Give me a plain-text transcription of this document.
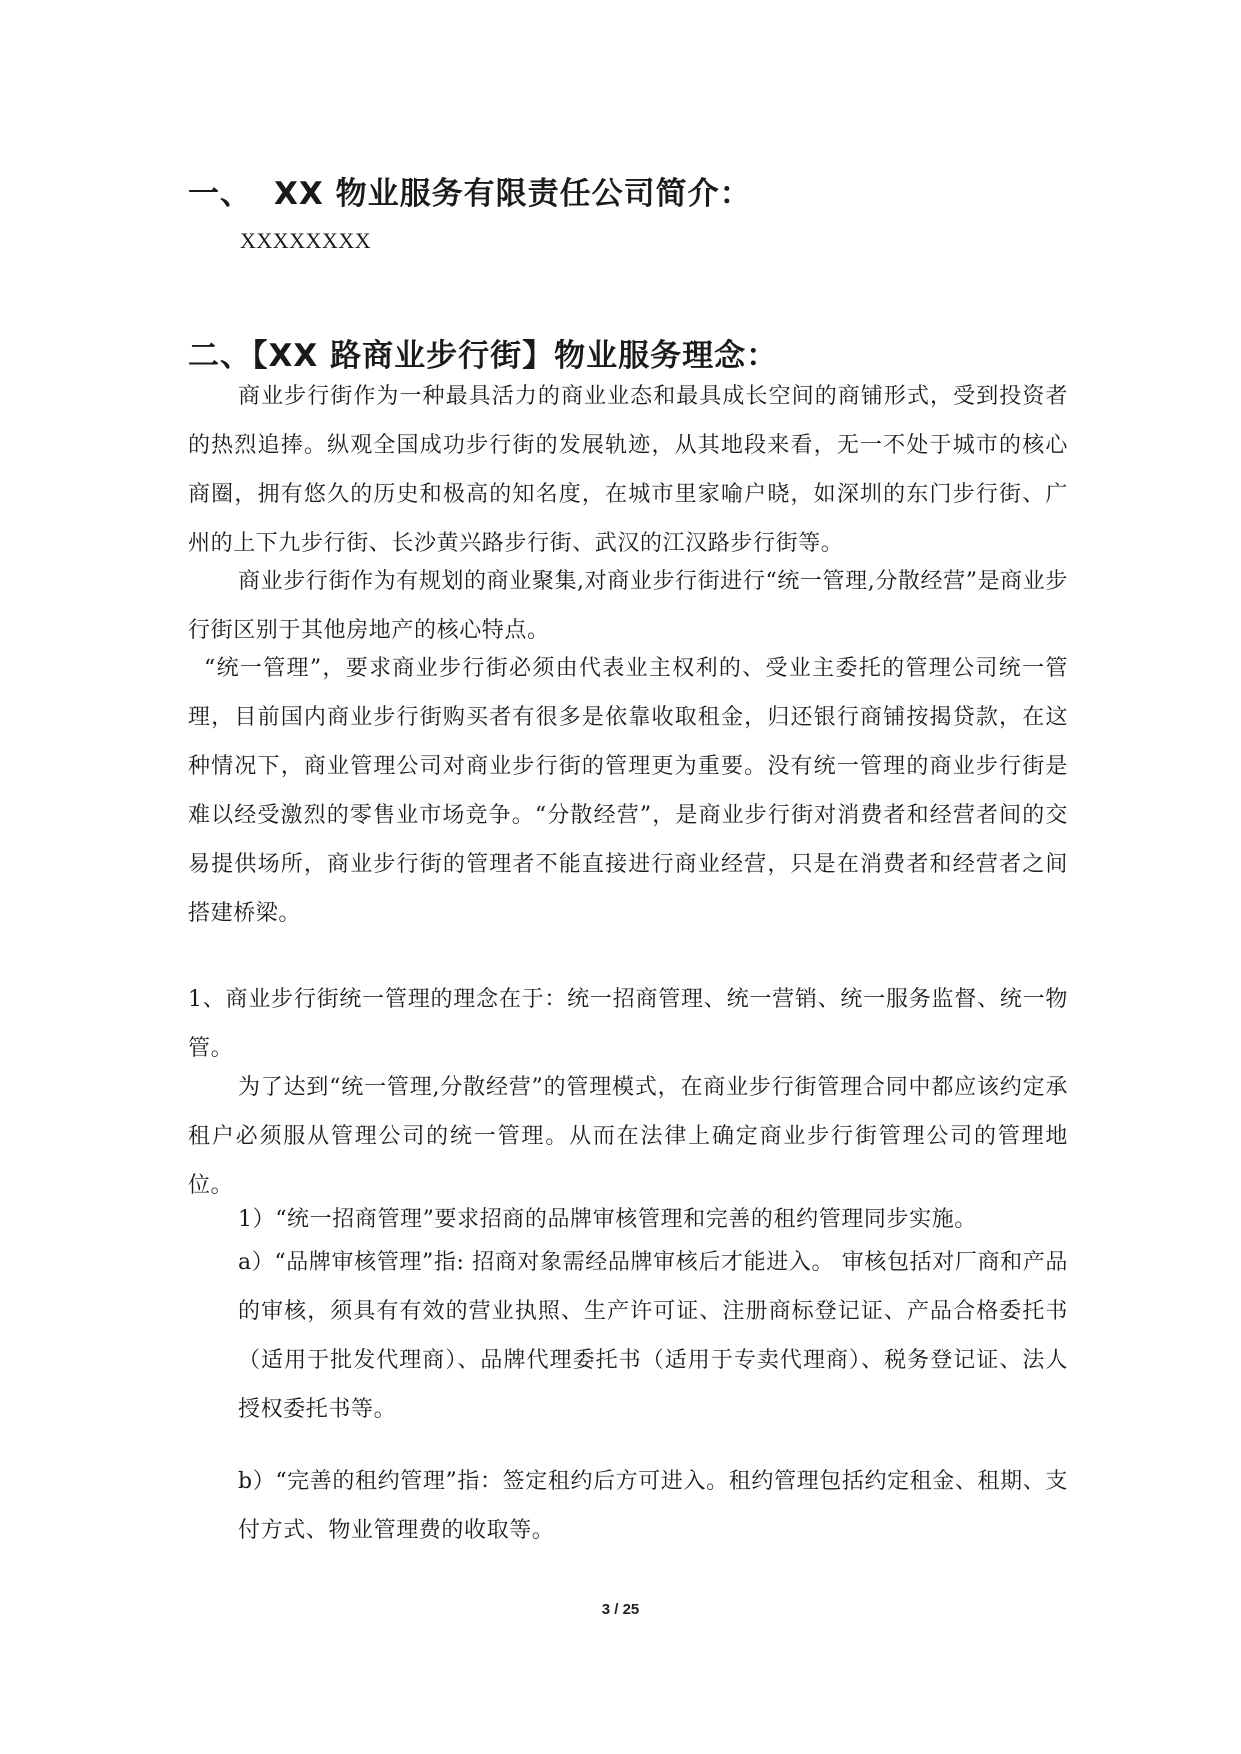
一、 XX 物业服务有限责任公司简介：
XXXXXXXX
二、【XX 路商业步行街】物业服务理念：

商业步行街作为一种最具活力的商业业态和最具成长空间的商铺形式，受到投资者的热烈追捧。纵观全国成功步行街的发展轨迹，从其地段来看，无一不处于城市的核心商圈，拥有悠久的历史和极高的知名度，在城市里家喻户晓，如深圳的东门步行街、广州的上下九步行街、长沙黄兴路步行街、武汉的江汉路步行街等。

商业步行街作为有规划的商业聚集,对商业步行街进行“统一管理,分散经营”是商业步行街区别于其他房地产的核心特点。

“统一管理”，要求商业步行街必须由代表业主权利的、受业主委托的管理公司统一管理，目前国内商业步行街购买者有很多是依靠收取租金，归还银行商铺按揭贷款，在这种情况下，商业管理公司对商业步行街的管理更为重要。没有统一管理的商业步行街是难以经受激烈的零售业市场竞争。“分散经营”，是商业步行街对消费者和经营者间的交易提供场所，商业步行街的管理者不能直接进行商业经营，只是在消费者和经营者之间搭建桥梁。

1、商业步行街统一管理的理念在于：统一招商管理、统一营销、统一服务监督、统一物管。

为了达到“统一管理,分散经营”的管理模式，在商业步行街管理合同中都应该约定承租户必须服从管理公司的统一管理。从而在法律上确定商业步行街管理公司的管理地位。

1）“统一招商管理”要求招商的品牌审核管理和完善的租约管理同步实施。

a）“品牌审核管理”指: 招商对象需经品牌审核后才能进入。 审核包括对厂商和产品的审核，须具有有效的营业执照、生产许可证、注册商标登记证、产品合格委托书（适用于批发代理商）、品牌代理委托书（适用于专卖代理商）、税务登记证、法人授权委托书等。

b）“完善的租约管理”指：签定租约后方可进入。租约管理包括约定租金、租期、支付方式、物业管理费的收取等。

3 / 25
